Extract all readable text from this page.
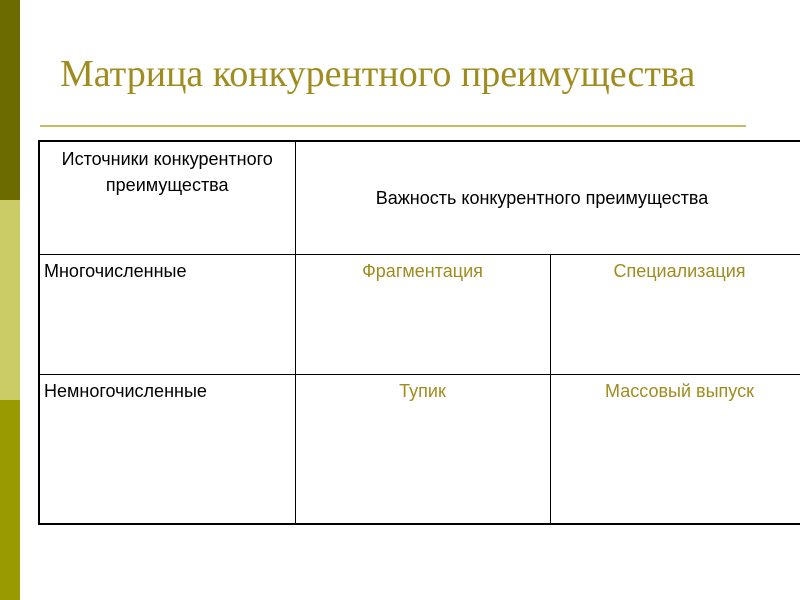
Матрица конкурентного преимущества
Источники конкурентного преимущества	Важность конкурентного преимущества	
Многочисленные	Фрагментация	Специализация
Немногочисленные	Тупик	Массовый выпуск
